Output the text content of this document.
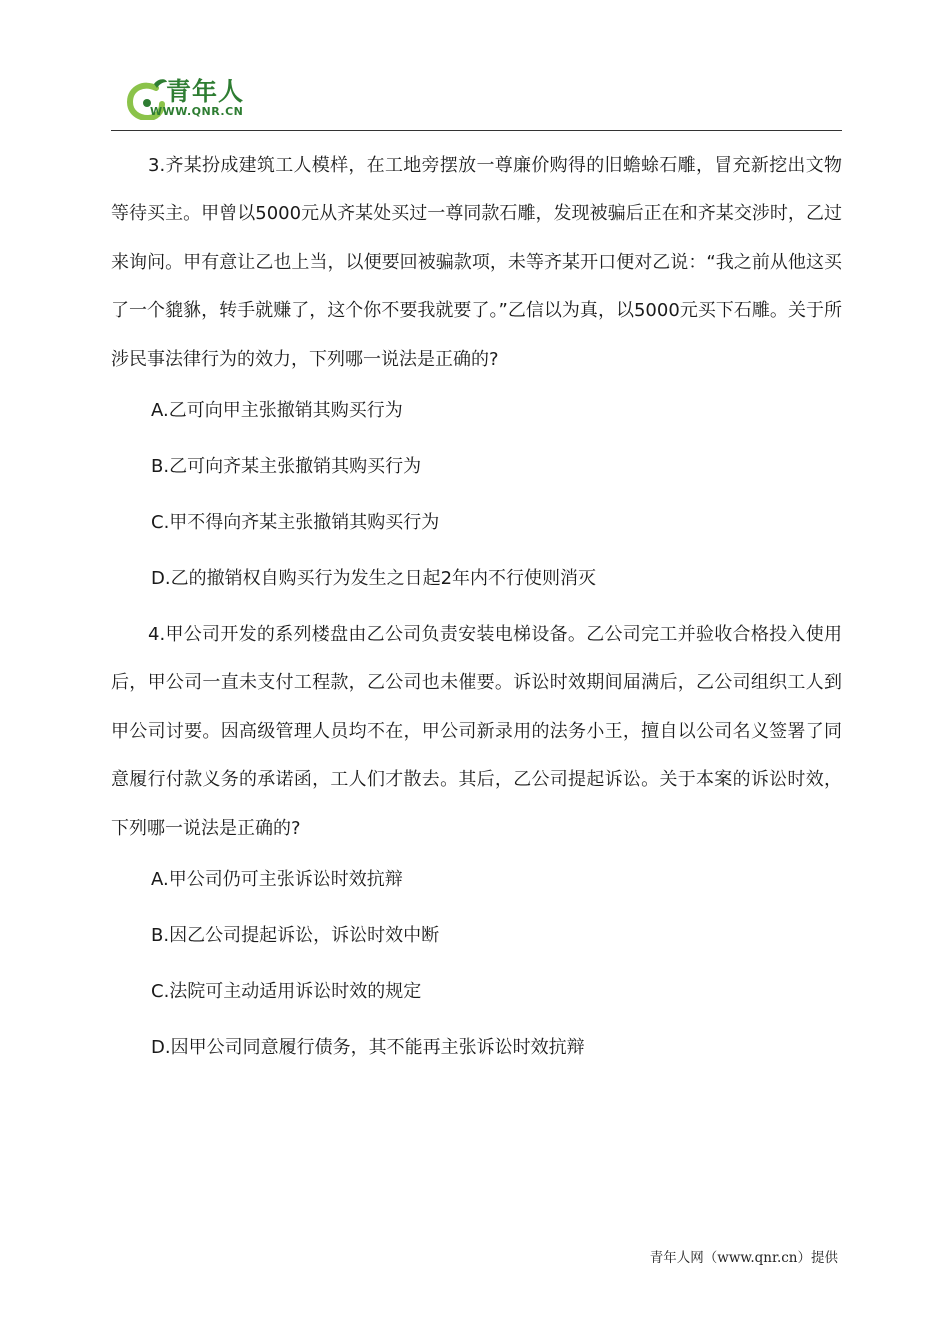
青年人
WWW.QNR.CN

3.齐某扮成建筑工人模样，在工地旁摆放一尊廉价购得的旧蟾蜍石雕，冒充新挖出文物等待买主。甲曾以5000元从齐某处买过一尊同款石雕，发现被骗后正在和齐某交涉时，乙过来询问。甲有意让乙也上当，以便要回被骗款项，未等齐某开口便对乙说：“我之前从他这买了一个貔貅，转手就赚了，这个你不要我就要了。”乙信以为真，以5000元买下石雕。关于所涉民事法律行为的效力，下列哪一说法是正确的?

A.乙可向甲主张撤销其购买行为

B.乙可向齐某主张撤销其购买行为

C.甲不得向齐某主张撤销其购买行为

D.乙的撤销权自购买行为发生之日起2年内不行使则消灭

4.甲公司开发的系列楼盘由乙公司负责安装电梯设备。乙公司完工并验收合格投入使用后，甲公司一直未支付工程款，乙公司也未催要。诉讼时效期间届满后，乙公司组织工人到甲公司讨要。因高级管理人员均不在，甲公司新录用的法务小王，擅自以公司名义签署了同意履行付款义务的承诺函，工人们才散去。其后，乙公司提起诉讼。关于本案的诉讼时效，下列哪一说法是正确的?

A.甲公司仍可主张诉讼时效抗辩

B.因乙公司提起诉讼，诉讼时效中断

C.法院可主动适用诉讼时效的规定

D.因甲公司同意履行债务，其不能再主张诉讼时效抗辩

青年人网（www.qnr.cn）提供
